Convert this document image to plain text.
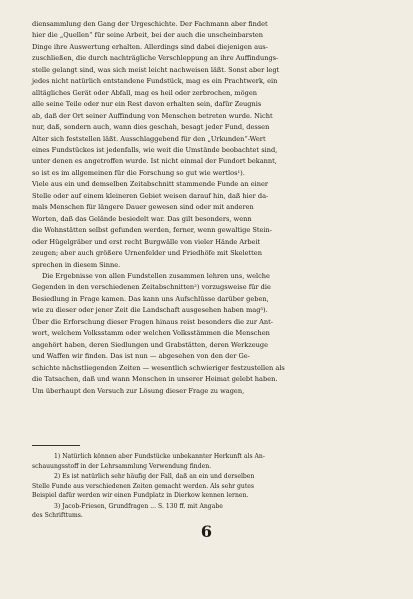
diensammlung den Gang der Urgeschichte. Der Fachmann aber findet
hier die „Quellen“ für seine Arbeit, bei der auch die unscheinbarsten
Dinge ihre Auswertung erhalten. Allerdings sind dabei diejenigen aus-
zuschließen, die durch nachträgliche Verschleppung an ihre Auffindungs-
stelle gelangt sind, was sich meist leicht nachweisen läßt. Sonst aber legt
jedes nicht natürlich entstandene Fundstück, mag es ein Prachtwerk, ein
alltägliches Gerät oder Abfall, mag es heil oder zerbrochen, mögen
alle seine Teile oder nur ein Rest davon erhalten sein, dafür Zeugnis
ab, daß der Ort seiner Auffindung von Menschen betreten wurde. Nicht
nur, daß, sondern auch, wann dies geschah, besagt jeder Fund, dessen
Alter sich feststellen läßt. Ausschlaggebend für den „Urkunden“-Wert
eines Fundstückes ist jedenfalls, wie weit die Umstände beobachtet sind,
unter denen es angetroffen wurde. Ist nicht einmal der Fundort bekannt,
so ist es im allgemeinen für die Forschung so gut wie wertlos¹).
Viele aus ein und demselben Zeitabschnitt stammende Funde an einer
Stelle oder auf einem kleineren Gebiet weisen darauf hin, daß hier da-
mals Menschen für längere Dauer gewesen sind oder mit anderen
Worten, daß das Gelände besiedelt war. Das gilt besonders, wenn
die Wohnstätten selbst gefunden werden, ferner, wenn gewaltige Stein-
oder Hügelgräber und erst recht Burgwälle von vieler Hände Arbeit
zeugen; aber auch größere Urnenfelder und Friedhöfe mit Skeletten
sprechen in diesem Sinne.
Die Ergebnisse von allen Fundstellen zusammen lehren uns, welche
Gegenden in den verschiedenen Zeitabschnitten²) vorzugsweise für die
Besiedlung in Frage kamen. Das kann uns Aufschlüsse darüber geben,
wie zu dieser oder jener Zeit die Landschaft ausgesehen haben mag³).
Über die Erforschung dieser Fragen hinaus reist besonders die zur Ant-
wort, welchem Volksstamm oder welchen Volksstämmen die Menschen
angehört haben, deren Siedlungen und Grabstätten, deren Werkzeuge
und Waffen wir finden. Das ist nun — abgesehen von den der Ge-
schichte nächstliegenden Zeiten — wesentlich schwieriger festzustellen als
die Tatsachen, daß und wann Menschen in unserer Heimat gelebt haben.
Um überhaupt den Versuch zur Lösung dieser Frage zu wagen,
1) Natürlich können aber Fundstücke unbekannter Herkunft als An-
schauungsstoff in der Lehrsammlung Verwendung finden.
2) Es ist natürlich sehr häufig der Fall, daß an ein und derselben
Stelle Funde aus verschiedenen Zeiten gemacht werden. Als sehr gutes
Beispiel dafür werden wir einen Fundplatz in Dierkow kennen lernen.
3) Jacob-Friesen, Grundfragen ... S. 130 ff. mit Angabe
des Schrifttums.
6
